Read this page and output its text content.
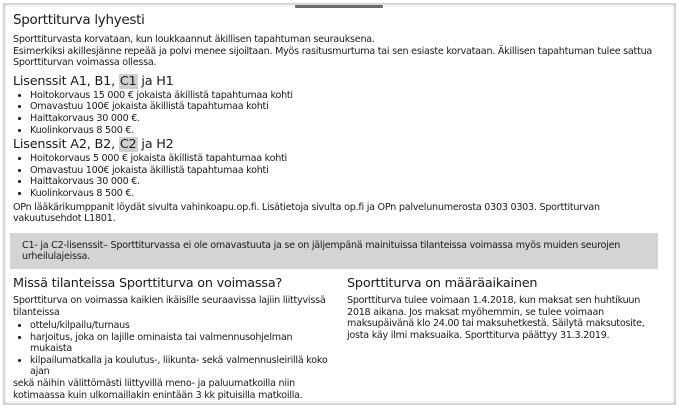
Sporttiturva lyhyesti

Sporttiturvasta korvataan, kun loukkaannut äkillisen tapahtuman seurauksena.

Esimerkiksi akillesjänne repeää ja polvi menee sijoiltaan. Myös rasitusmurtuma tai sen esiaste korvataan. Äkillisen tapahtuman tulee sattua Sporttiturvan voimassa ollessa.

Lisenssit A1, B1, C1 ja H1
• Hoitokorvaus 15 000 € jokaista äkillistä tapahtumaa kohti
• Omavastuu 100€ jokaista äkillistä tapahtumaa kohti
• Haittakorvaus 30 000 €.
• Kuolinkorvaus 8 500 €.
Lisenssit A2, B2, C2 ja H2
• Hoitokorvaus 5 000 € jokaista äkillistä tapahtumaa kohti
• Omavastuu 100€ jokaista äkillistä tapahtumaa kohti
• Haittakorvaus 30 000 €.
• Kuolinkorvaus 8 500 €.

OPn lääkärikumppanit löydät sivulta vahinkoapu.op.fi. Lisätietoja sivulta op.fi ja OPn palvelunumerosta 0303 0303. Sporttiturvan vakuutusehdot L1801.

C1- ja C2-lisenssit– Sporttiturvassa ei ole omavastuuta ja se on jäljempänä mainituissa tilanteissa voimassa myös muiden seurojen urheilulajeissa.
Missä tilanteissa Sporttiturva on voimassa?

Sporttiturva on voimassa kaikien ikäisille seuraavissa lajiin liittyvissä tilanteissa

• ottelu/kilpailu/turnaus
• harjoitus, joka on lajille ominaista tai valmennusohjelman mukaista
• kilpailumatkalla ja koulutus-, liikunta- sekä valmennusleirillä koko ajan

sekä näihin välittömästi liittyvillä meno- ja paluumatkoilla niin kotimaassa kuin ulkomaillakin enintään 3 kk pituisilla matkoilla.

Sporttiturva on määräaikainen

Sporttiturva tulee voimaan 1.4.2018, kun maksat sen huhtikuun 2018 aikana. Jos maksat myöhemmin, se tulee voimaan maksupäivänä klo 24.00 tai maksuhetkestä. Säilytä maksutosite, josta käy ilmi maksuaika. Sporttiturva päättyy 31.3.2019.
